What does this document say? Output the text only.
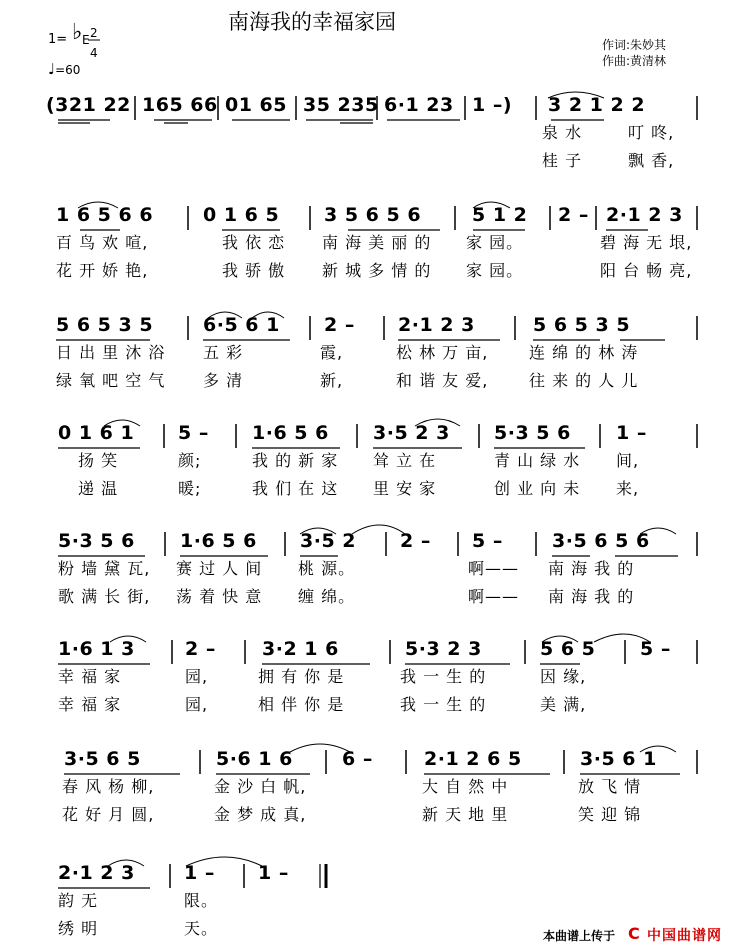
南海我的幸福家园
作词:朱妙其
作曲:黄清林
1= ♭ E 2
4
♩=60
(321 22 165 66 01 65 35 235 6·1 23 1 –) 3 2 1 2 2
泉 水	叮 咚,
桂 子	飘 香,
1 6 5 6 6	0 1 6 5 3 5 6 5 6	5 1 2 2 – 2·1 2 3
百 鸟 欢 喧,	我 依 恋 南 海 美 丽 的 家 园。	碧 海 无 垠,
花 开 娇 艳,	我 骄 傲 新 城 多 情 的 家 园。	阳 台 畅 亮,
5 6 5 3 5	6·5 6 1 2 – 2·1 2 3	5 6 5 3 5
日 出 里 沐 浴 五 彩	霞,	松 林 万 亩,	连 绵 的 林 涛
绿 氧 吧 空 气 多 清	新,	和 谐 友 爱,	往 来 的 人 儿
0 1 6 1 5 – 1·6 5 6 3·5 2 3 5·3 5 6 1 –
扬 笑	颜;	我 的 新 家 耸 立 在	青 山 绿 水 间,
递 温	暖;	我 们 在 这 里 安 家	创 业 向 未 来,
5·3 5 6 1·6 5 6 3·5 2 2 – 5 –	3·5 6 5 6
粉 墙 黛 瓦, 赛 过 人 间 桃 源。	啊—— 南 海 我 的
歌 满 长 街, 荡 着 快 意 缠 绵。	啊—— 南 海 我 的
1·6 1 3	2 – 3·2 1 6	5·3 2 3	5 6 5 5 –
幸 福 家	园,	拥 有 你 是	我 一 生 的	因 缘,
幸 福 家	园,	相 伴 你 是	我 一 生 的	美 满,
3·5 6 5	5·6 1 6	6 –	2·1 2 6 5	3·5 6 1
春 风 杨 柳,	金 沙 白 帆,	大 自 然 中	放 飞 情
花 好 月 圆,	金 梦 成 真,	新 天 地 里	笑 迎 锦
2·1 2 3	1 – 1 –
韵 无	限。
绣 明	天。	本曲谱上传于 C 中国曲谱网
